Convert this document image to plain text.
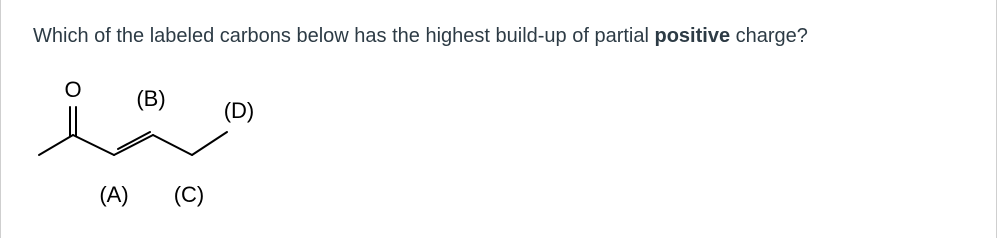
Which of the labeled carbons below has the highest build-up of partial positive charge?
O (B)	(D)
(A) (C)
